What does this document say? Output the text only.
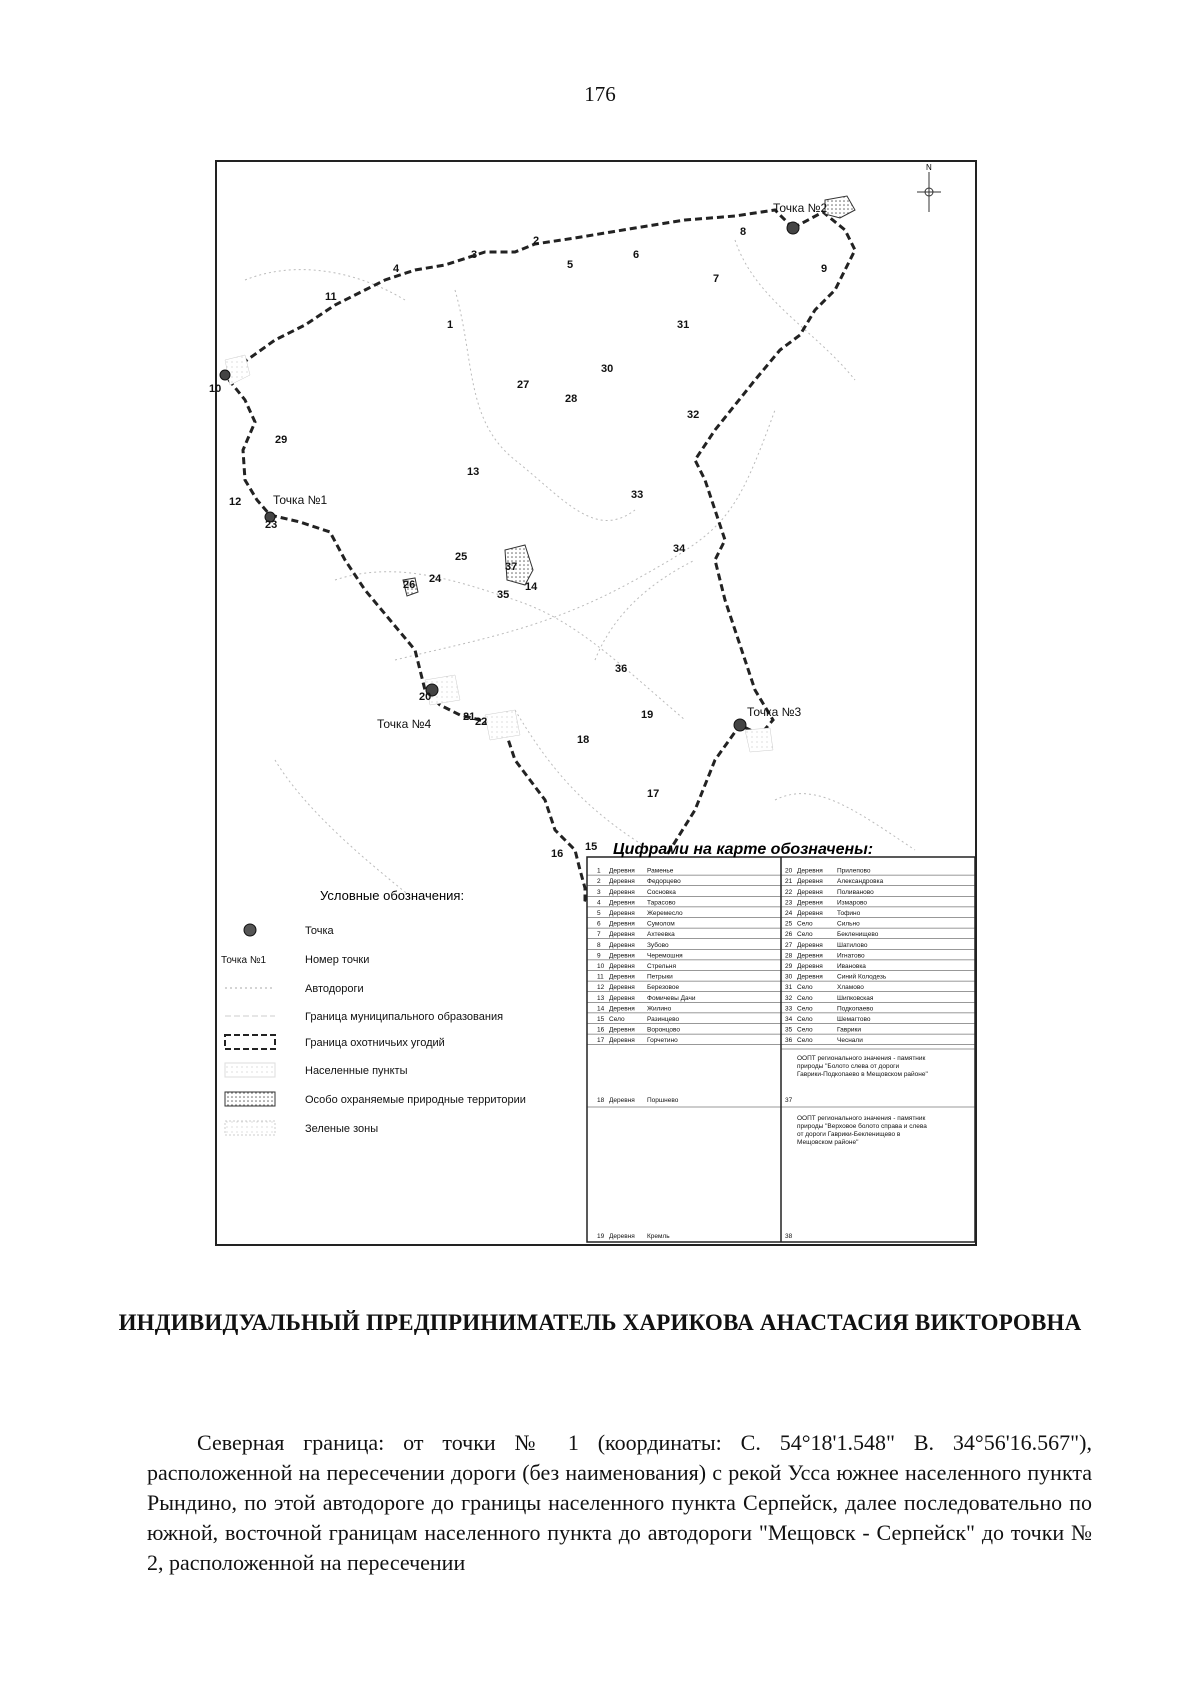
176
N
Точка №1
Точка №2
Точка №3
Точка №4
1
2
3
4	5
6
7
8
9
10
11
12
13
14
15
16
17
18
19
20
21 22
23
24
25
26
27
28
29
30
31
32
33
34
35
36
37
Условные обозначения:
Точка
Точка №1	Номер точки
Автодороги
Граница муниципального образования
Граница охотничьих угодий
Населенные пункты
Особо охраняемые природные территории
Зеленые зоны
Цифрами на карте обозначены:
1 Деревня Раменье
2 Деревня Федорцево
3 Деревня Сосновка
4 Деревня Тарасово
5 Деревня Жеремесло
6 Деревня Сумолом
7 Деревня Ахтеевка
8 Деревня Зубово
9 Деревня Черемошня
10 Деревня Стрельня
11 Деревня Петрыки
12 Деревня Березовое
13 Деревня Фомичевы Дачи
14 Деревня Жилино
15 Село	Разинцево
16 Деревня Воронцово
17 Деревня Горчетино
20 Деревня Прилепово
21 Деревня Александровка
22 Деревня Поливаново
23 Деревня Измарово
24 Деревня Тофино
25 Село	Сильно
26 Село	Бекленищево
27 Деревня Шатилово
28 Деревня Игнатово
29 Деревня Ивановка
30 Деревня Синий Колодезь
31 Село	Хламово
32 Село	Шипковская
33 Село	Подкопаево
34 Село	Шемагтово
35 Село	Гаврики
36 Село	Чеснали
18 Деревня Поршнево
19 Деревня Кремль
37
ООПТ регионального значения - памятник
природы "Болото слева от дороги
Гаврики-Подкопаево в Мещовском районе"
38
ООПТ регионального значения - памятник
природы "Верховое болото справа и слева
от дороги Гаврики-Бекленищево в
Мещовском районе"
ИНДИВИДУАЛЬНЫЙ ПРЕДПРИНИМАТЕЛЬ ХАРИКОВА АНАСТАСИЯ ВИКТОРОВНА
Северная граница: от точки № 1 (координаты: С. 54°18'1.548" В. 34°56'16.567"), расположенной на пересечении дороги (без наименования) с рекой Усса южнее населенного пункта Рындино, по этой автодороге до границы населенного пункта Серпейск, далее последовательно по южной, восточной границам населенного пункта до автодороги "Мещовск - Серпейск" до точки № 2, расположенной на пересечении
